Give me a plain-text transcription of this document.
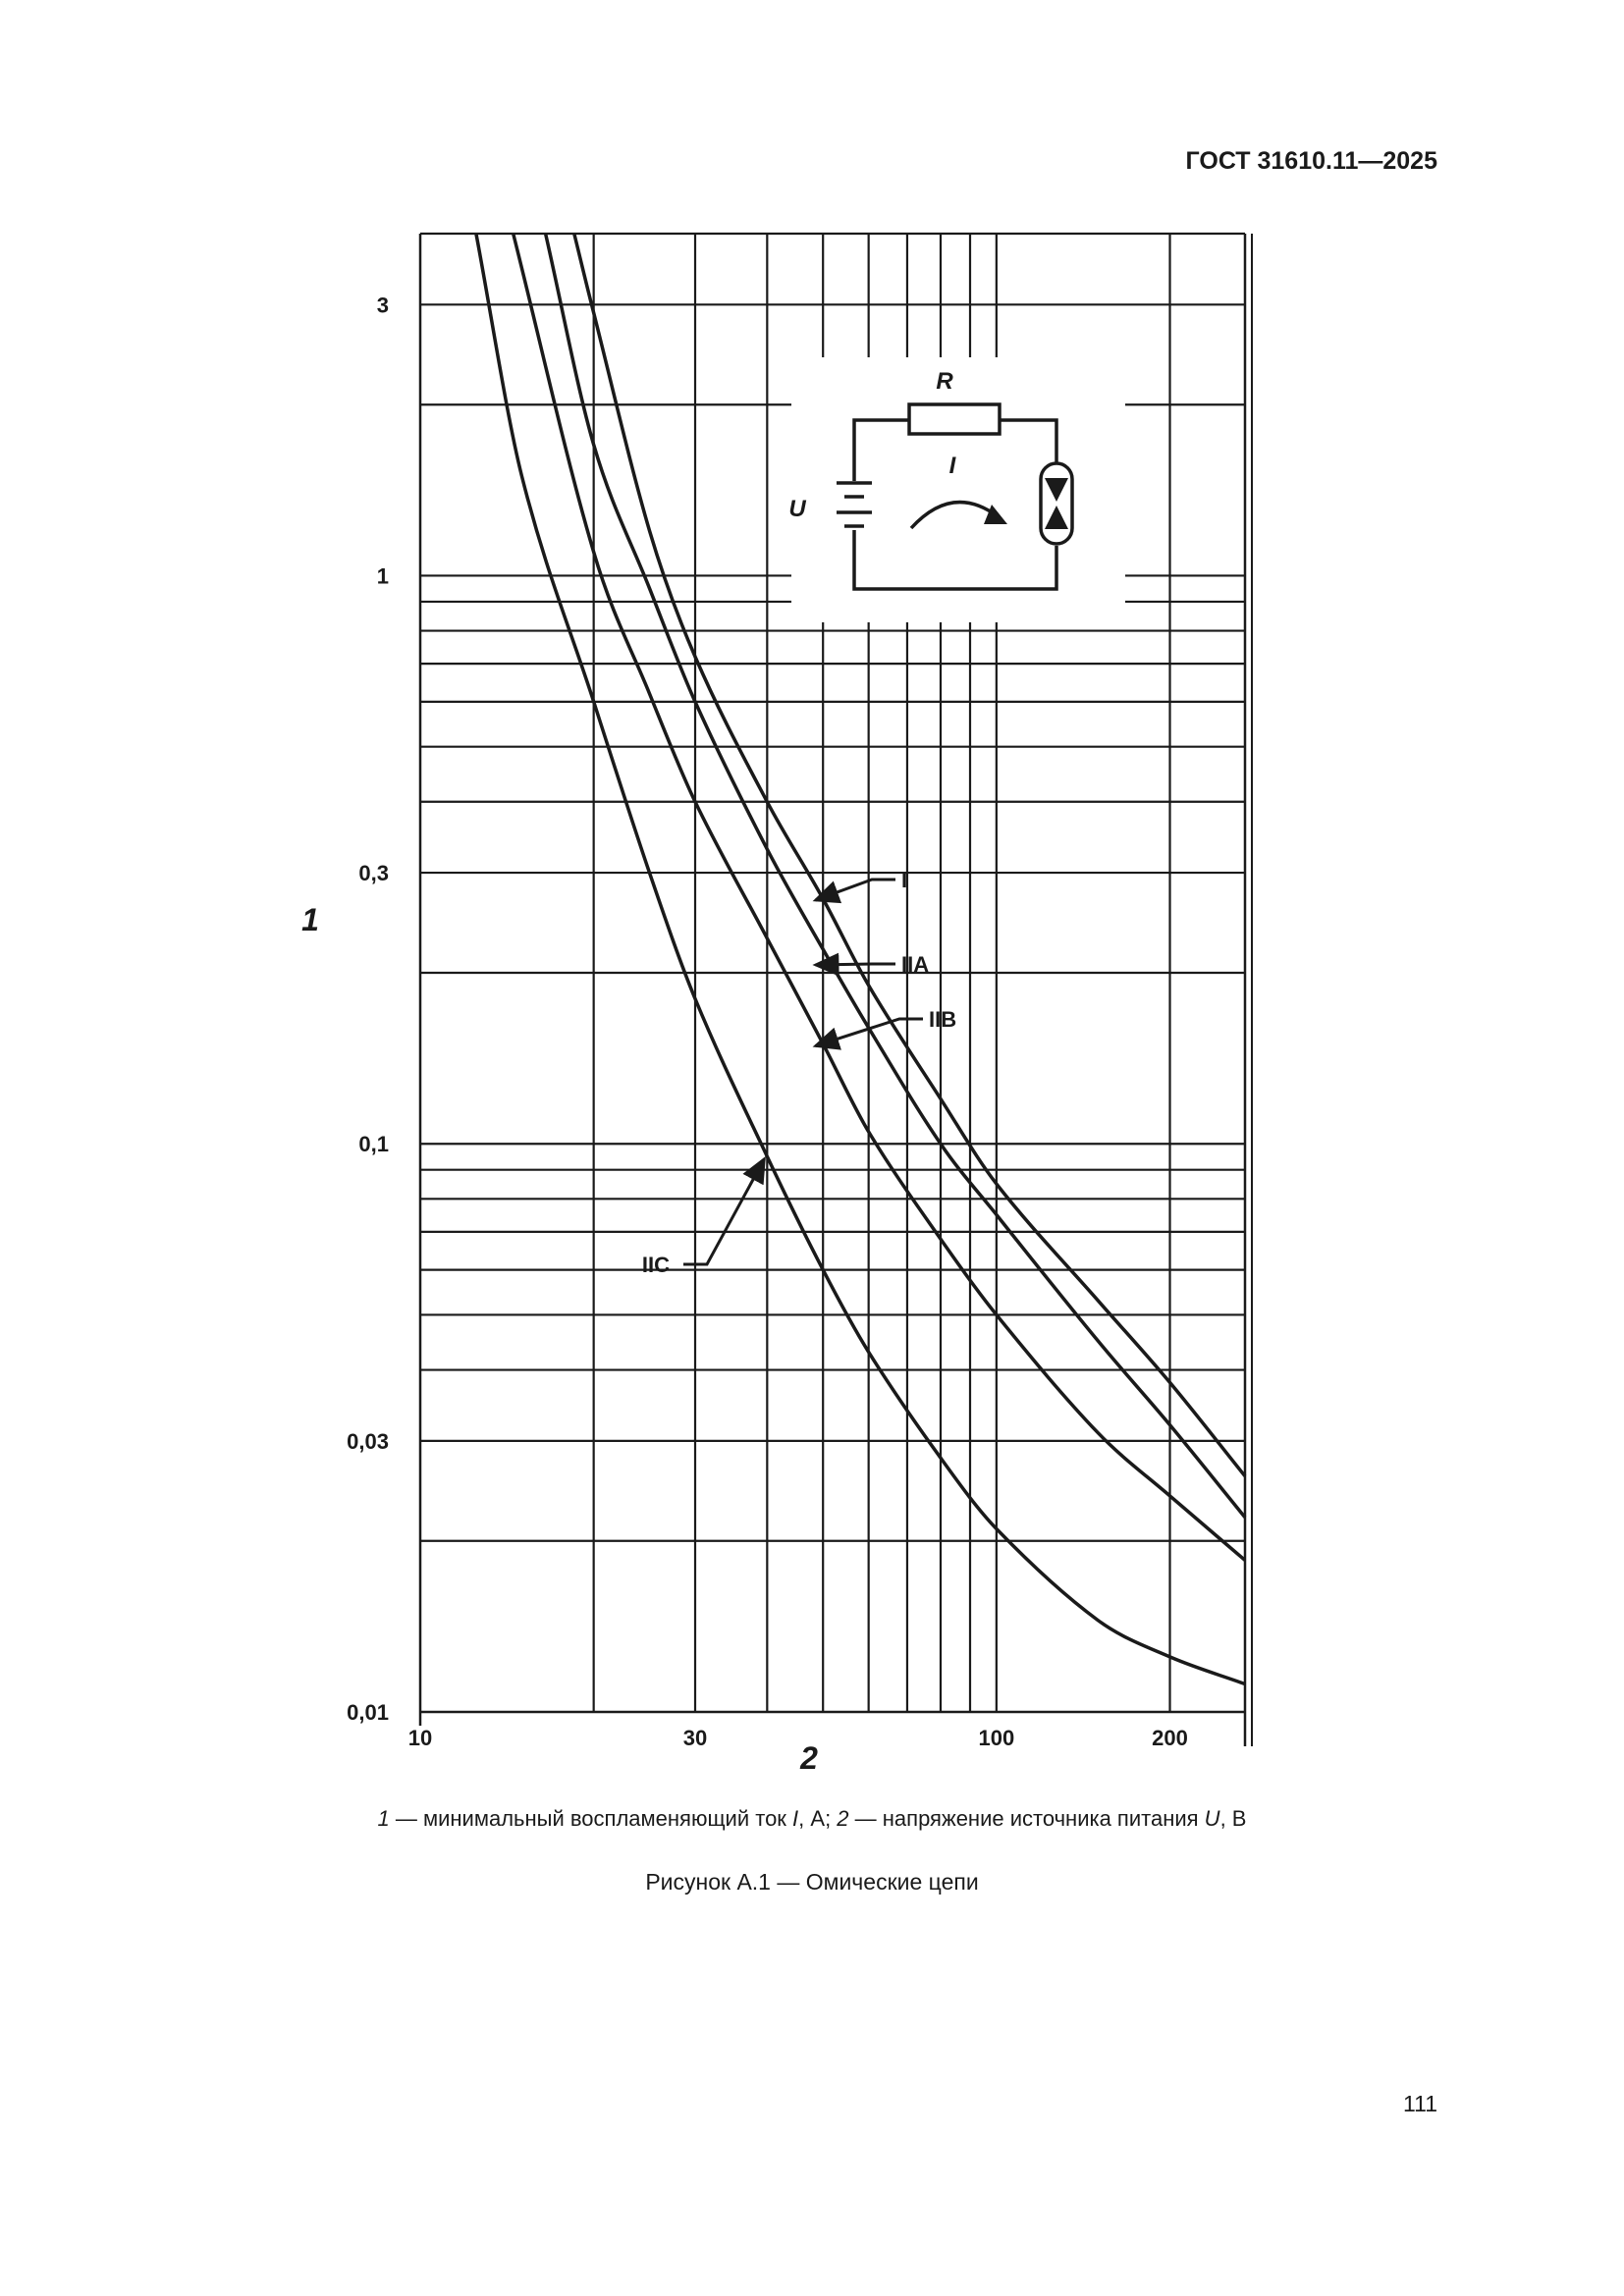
ГОСТ 31610.11—2025
10	30	100	200
3
1
0,3
0,1
0,03
0,01
2
1
I
IIA
IIB
IIC
R
I
U
1 — минимальный воспламеняющий ток I, А; 2 — напряжение источника питания U, В
Рисунок А.1 — Омические цепи
111
